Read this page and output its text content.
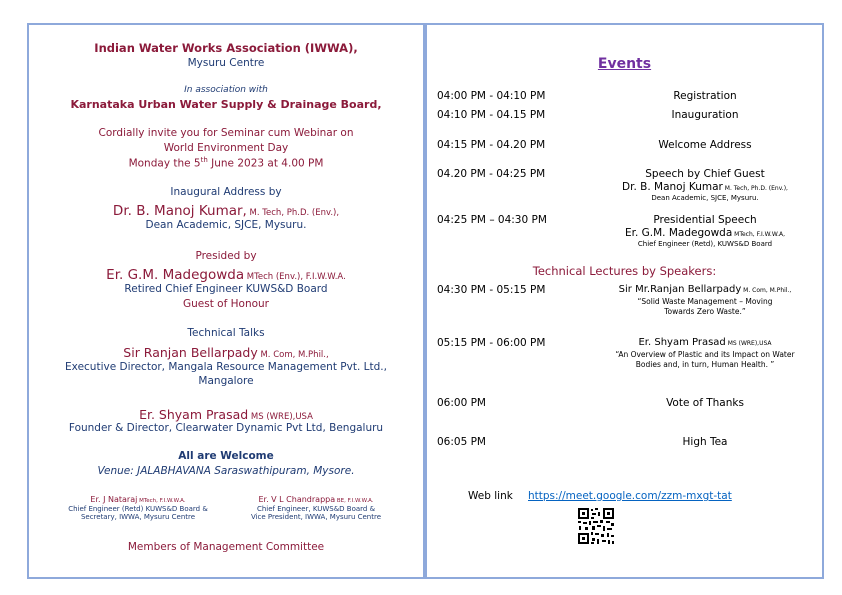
Indian Water Works Association (IWWA),
Mysuru Centre
In association with
Karnataka Urban Water Supply & Drainage Board,
Cordially invite you for Seminar cum Webinar on
World Environment Day
Monday the 5th June 2023 at 4.00 PM
Inaugural Address by
Dr. B. Manoj Kumar, M. Tech, Ph.D. (Env.),
Dean Academic, SJCE, Mysuru.
Presided by
Er. G.M. Madegowda MTech (Env.), F.I.W.W.A.
Retired Chief Engineer KUWS&D Board
Guest of Honour
Technical Talks
Sir Ranjan Bellarpady M. Com, M.Phil.,
Executive Director, Mangala Resource Management Pvt. Ltd.,
Mangalore
Er. Shyam Prasad MS (WRE),USA
Founder & Director, Clearwater Dynamic Pvt Ltd, Bengaluru
All are Welcome
Venue: JALABHAVANA Saraswathipuram, Mysore.
Er. J Nataraj MTech, F.I.W.W.A.
Chief Engineer (Retd) KUWS&D Board &
Secretary, IWWA, Mysuru Centre
Er. V L Chandrappa BE, F.I.W.W.A.
Chief Engineer, KUWS&D Board &
Vice President, IWWA, Mysuru Centre
Members of Management Committee
Events
04:00 PM - 04:10 PM	Registration
04:10 PM - 04.15 PM	Inauguration
04:15 PM - 04.20 PM	Welcome Address
04.20 PM - 04:25 PM	Speech by Chief Guest
Dr. B. Manoj Kumar M. Tech, Ph.D. (Env.),
Dean Academic, SJCE, Mysuru.
04:25 PM – 04:30 PM	Presidential Speech
Er. G.M. Madegowda MTech, F.I.W.W.A,
Chief Engineer (Retd), KUWS&D Board
Technical Lectures by Speakers:
04:30 PM - 05:15 PM	Sir Mr.Ranjan Bellarpady M. Com, M.Phil.,
“Solid Waste Management – Moving
Towards Zero Waste.”
05:15 PM - 06:00 PM	Er. Shyam Prasad MS (WRE),USA
“An Overview of Plastic and its Impact on Water
Bodies and, in turn, Human Health. ”
06:00 PM	Vote of Thanks
06:05 PM	High Tea
Web link https://meet.google.com/zzm-mxgt-tat
